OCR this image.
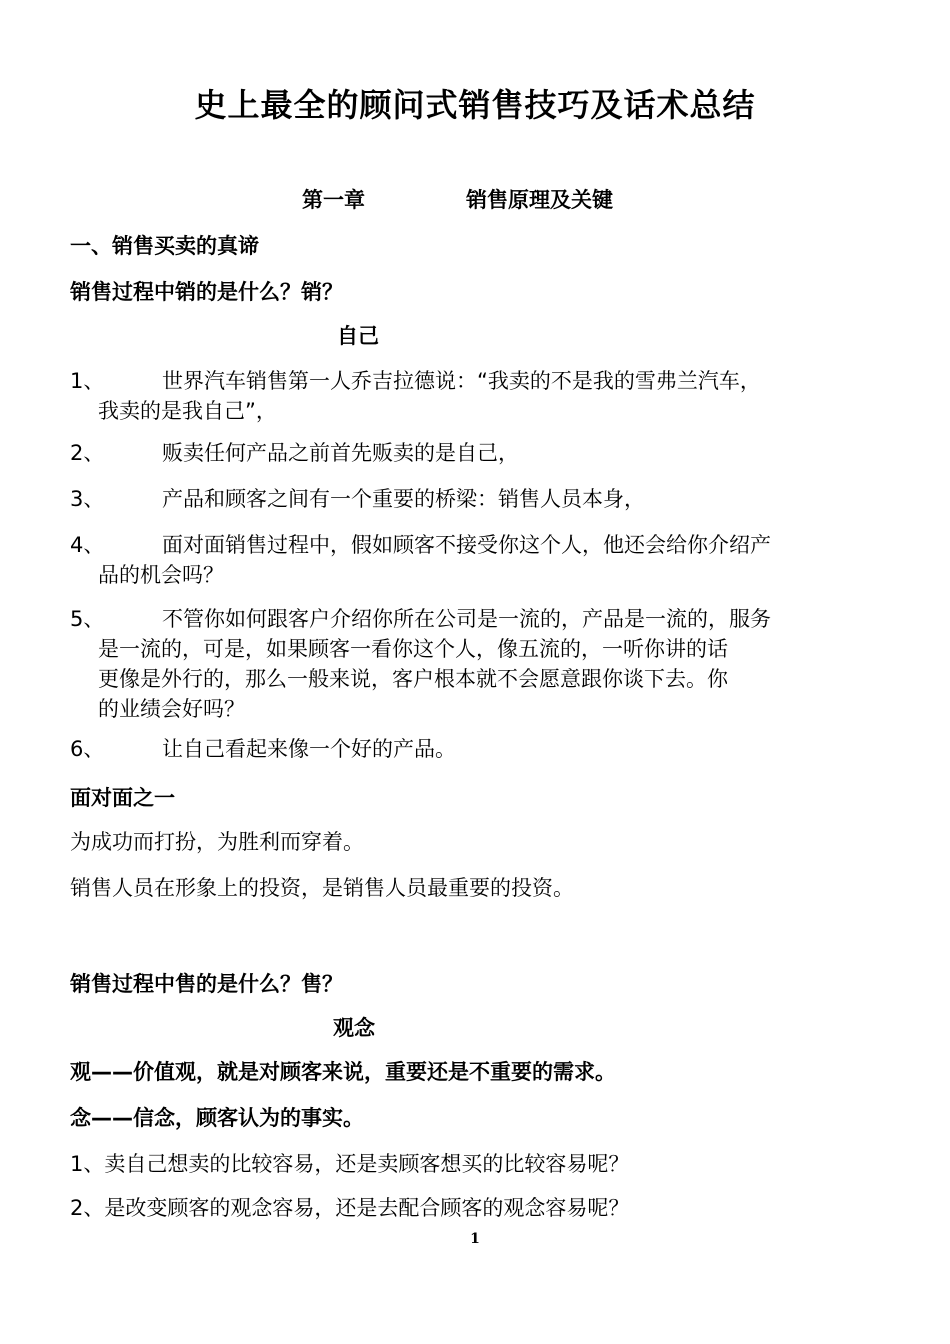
史上最全的顾问式销售技巧及话术总结
第一章	销售原理及关键
一、销售买卖的真谛
销售过程中销的是什么？销？
自己
1、	世界汽车销售第一人乔吉拉德说：“我卖的不是我的雪弗兰汽车，
我卖的是我自己”，
2、	贩卖任何产品之前首先贩卖的是自己，
3、	产品和顾客之间有一个重要的桥梁：销售人员本身，
4、	面对面销售过程中，假如顾客不接受你这个人，他还会给你介绍产
品的机会吗？
5、	不管你如何跟客户介绍你所在公司是一流的，产品是一流的，服务
是一流的，可是，如果顾客一看你这个人，像五流的，一听你讲的话
更像是外行的，那么一般来说，客户根本就不会愿意跟你谈下去。你
的业绩会好吗？
6、	让自己看起来像一个好的产品。
面对面之一
为成功而打扮，为胜利而穿着。
销售人员在形象上的投资，是销售人员最重要的投资。
销售过程中售的是什么？售？
观念
观——价值观，就是对顾客来说，重要还是不重要的需求。
念——信念，顾客认为的事实。
1、卖自己想卖的比较容易，还是卖顾客想买的比较容易呢？
2、是改变顾客的观念容易，还是去配合顾客的观念容易呢？
1
